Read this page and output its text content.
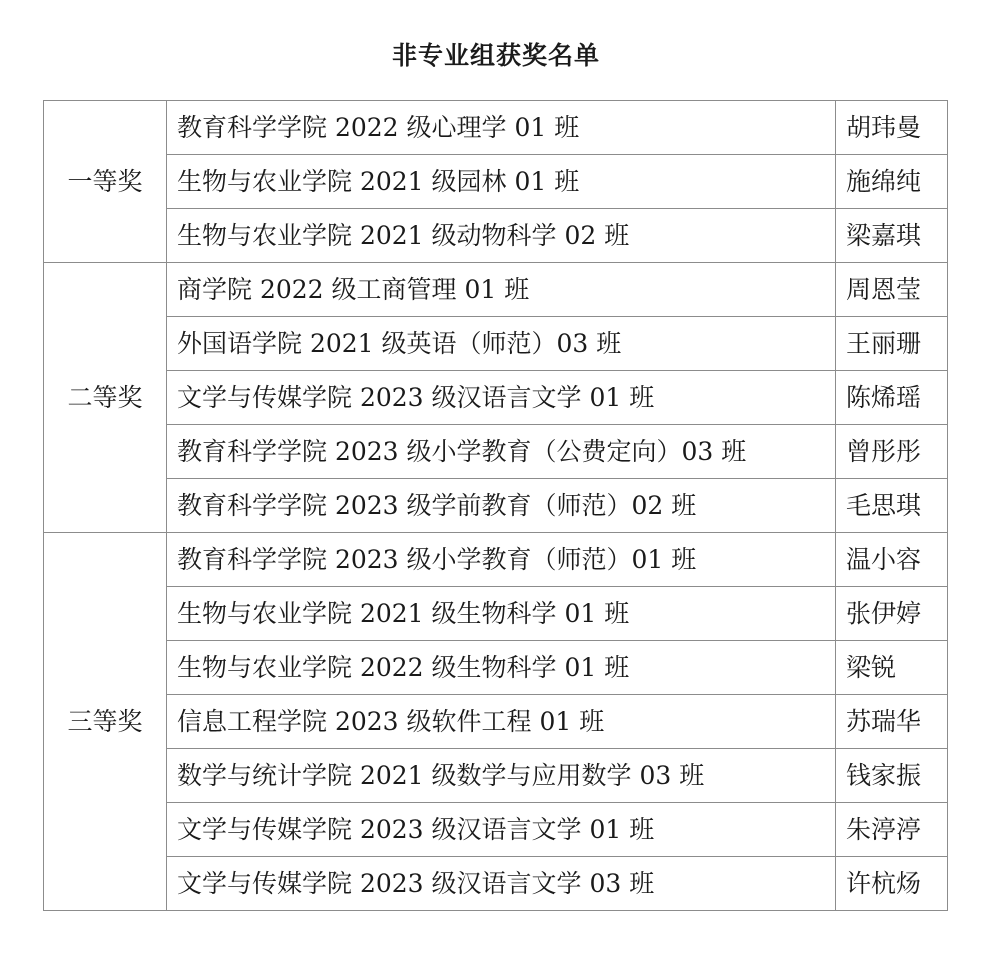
非专业组获奖名单
一等奖	教育科学学院 2022 级心理学 01 班	胡玮曼
	生物与农业学院 2021 级园林 01 班	施绵纯
	生物与农业学院 2021 级动物科学 02 班	梁嘉琪
二等奖	商学院 2022 级工商管理 01 班	周恩莹
	外国语学院 2021 级英语（师范）03 班	王丽珊
	文学与传媒学院 2023 级汉语言文学 01 班	陈烯瑶
	教育科学学院 2023 级小学教育（公费定向）03 班	曾彤彤
	教育科学学院 2023 级学前教育（师范）02 班	毛思琪
三等奖	教育科学学院 2023 级小学教育（师范）01 班	温小容
	生物与农业学院 2021 级生物科学 01 班	张伊婷
	生物与农业学院 2022 级生物科学 01 班	梁锐
	信息工程学院 2023 级软件工程 01 班	苏瑞华
	数学与统计学院 2021 级数学与应用数学 03 班	钱家振
	文学与传媒学院 2023 级汉语言文学 01 班	朱渟渟
	文学与传媒学院 2023 级汉语言文学 03 班	许杭炀
